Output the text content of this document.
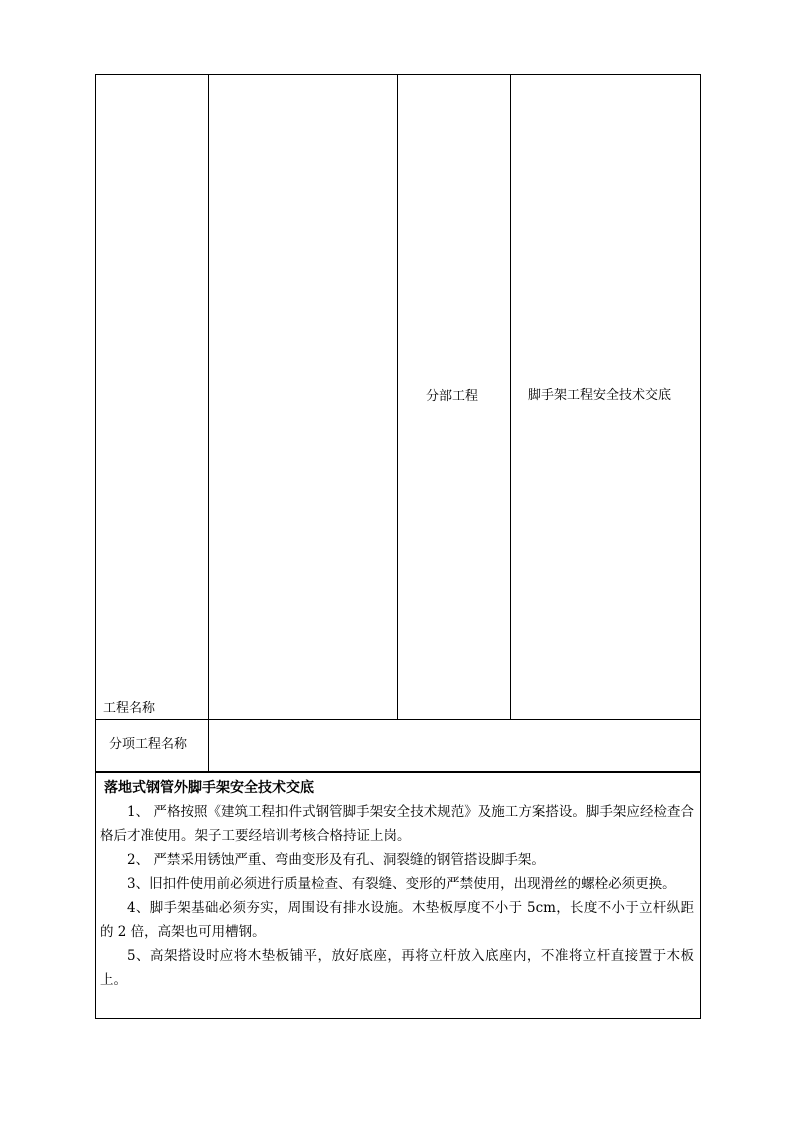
工程名称
分部工程	脚手架工程安全技术交底
分项工程名称
落地式钢管外脚手架安全技术交底

1、 严格按照《建筑工程扣件式钢管脚手架安全技术规范》及施工方案搭设。脚手架应经检查合格后才准使用。架子工要经培训考核合格持证上岗。

2、 严禁采用锈蚀严重、弯曲变形及有孔、洞裂缝的钢管搭设脚手架。

3、旧扣件使用前必须进行质量检查、有裂缝、变形的严禁使用，出现滑丝的螺栓必须更换。

4、脚手架基础必须夯实，周围设有排水设施。木垫板厚度不小于 5cm，长度不小于立杆纵距的 2 倍，高架也可用槽钢。

5、高架搭设时应将木垫板铺平，放好底座，再将立杆放入底座内，不准将立杆直接置于木板上。
